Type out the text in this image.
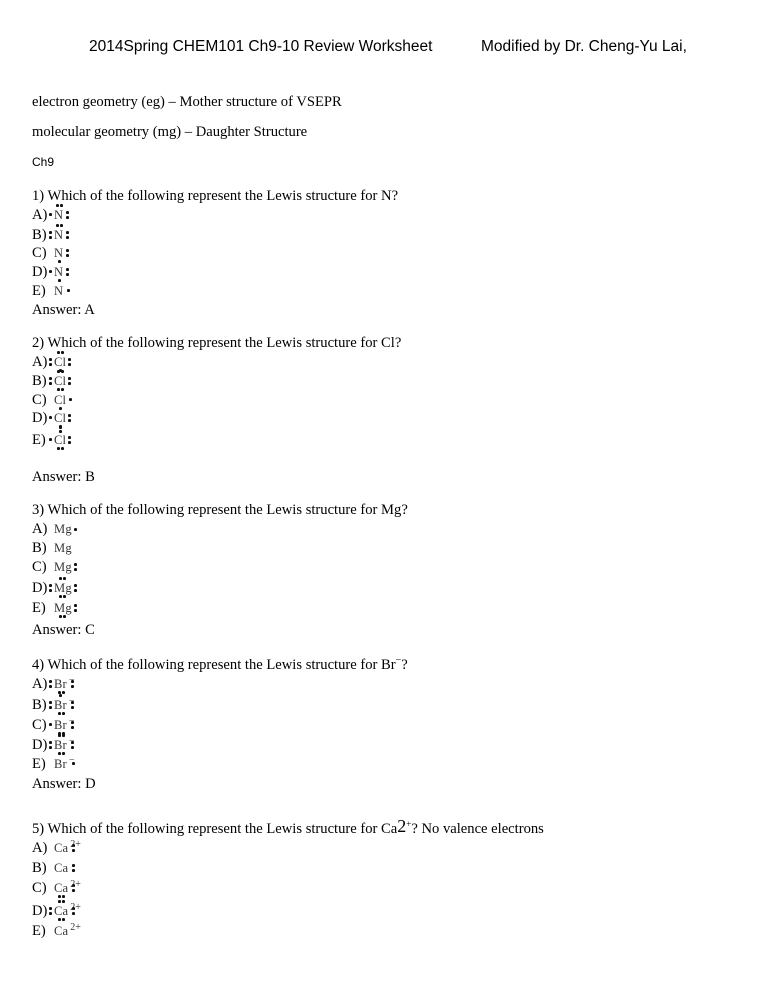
2014Spring CHEM101 Ch9-10 Review Worksheet	Modified by Dr. Cheng-Yu Lai,
electron geometry (eg) – Mother structure of VSEPR
molecular geometry (mg) – Daughter Structure
Ch9
1) Which of the following represent the Lewis structure for N?
A) N
B) N
C) N
D) N
E) N
Answer: A
2) Which of the following represent the Lewis structure for Cl?
A) Cl
B) Cl
C) Cl
D) Cl
E) Cl
Answer: B
3) Which of the following represent the Lewis structure for Mg?
A) Mg
B) Mg
C) Mg
D) Mg
E) Mg
Answer: C
4) Which of the following represent the Lewis structure for Br−?
A) Br −
B) Br −
C) Br −
D) Br −
E) Br −
Answer: D
5) Which of the following represent the Lewis structure for Ca2+? No valence electrons
A) Ca $^{2+}$
B) Ca
C) Ca $^{2+}$
D) Ca $^{2+}$
E) Ca $^{2+}$
